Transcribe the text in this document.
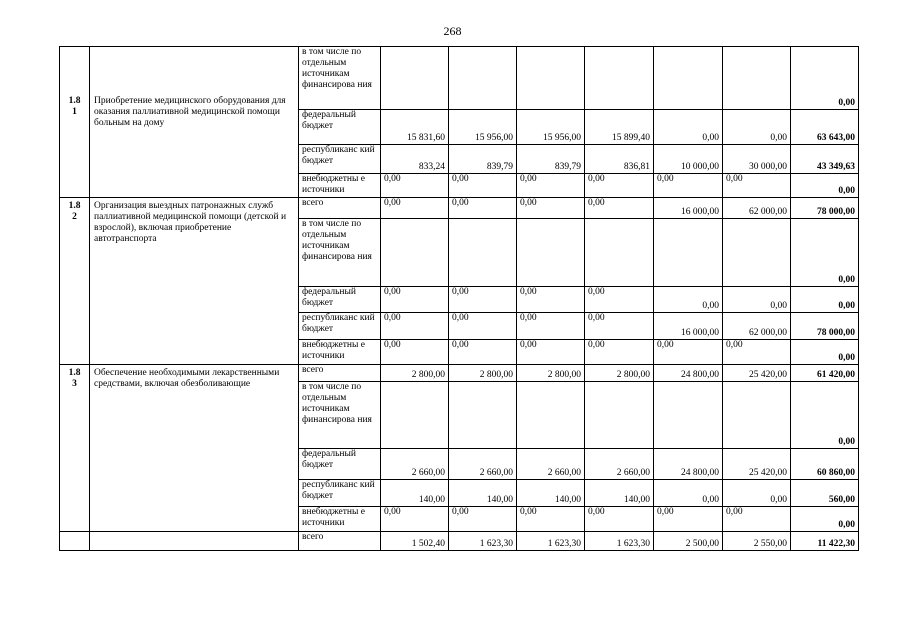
268
1.8
1	Приобретение медицинского оборудования для оказания паллиативной медицинской помощи больным на дому	в том числе по отдельным источникам финансирова ния							0,00
		федеральный бюджет	15 831,60	15 956,00	15 956,00	15 899,40	0,00	0,00	63 643,00
		республиканс кий бюджет	833,24	839,79	839,79	836,81	10 000,00	30 000,00	43 349,63
		внебюджетны е источники	0,00	0,00	0,00	0,00	0,00	0,00	0,00
1.8
2	Организация выездных патронажных служб паллиативной медицинской помощи (детской и взрослой), включая приобретение автотранспорта	всего	0,00	0,00	0,00	0,00	16 000,00	62 000,00	78 000,00
		в том числе по отдельным источникам финансирова ния							0,00
		федеральный бюджет	0,00	0,00	0,00	0,00	0,00	0,00	0,00
		республиканс кий бюджет	0,00	0,00	0,00	0,00	16 000,00	62 000,00	78 000,00
		внебюджетны е источники	0,00	0,00	0,00	0,00	0,00	0,00	0,00
1.8
3	Обеспечение необходимыми лекарственными средствами, включая обезболивающие	всего	2 800,00	2 800,00	2 800,00	2 800,00	24 800,00	25 420,00	61 420,00
		в том числе по отдельным источникам финансирова ния							0,00
		федеральный бюджет	2 660,00	2 660,00	2 660,00	2 660,00	24 800,00	25 420,00	60 860,00
		республиканс кий бюджет	140,00	140,00	140,00	140,00	0,00	0,00	560,00
		внебюджетны е источники	0,00	0,00	0,00	0,00	0,00	0,00	0,00
		всего	1 502,40	1 623,30	1 623,30	1 623,30	2 500,00	2 550,00	11 422,30
